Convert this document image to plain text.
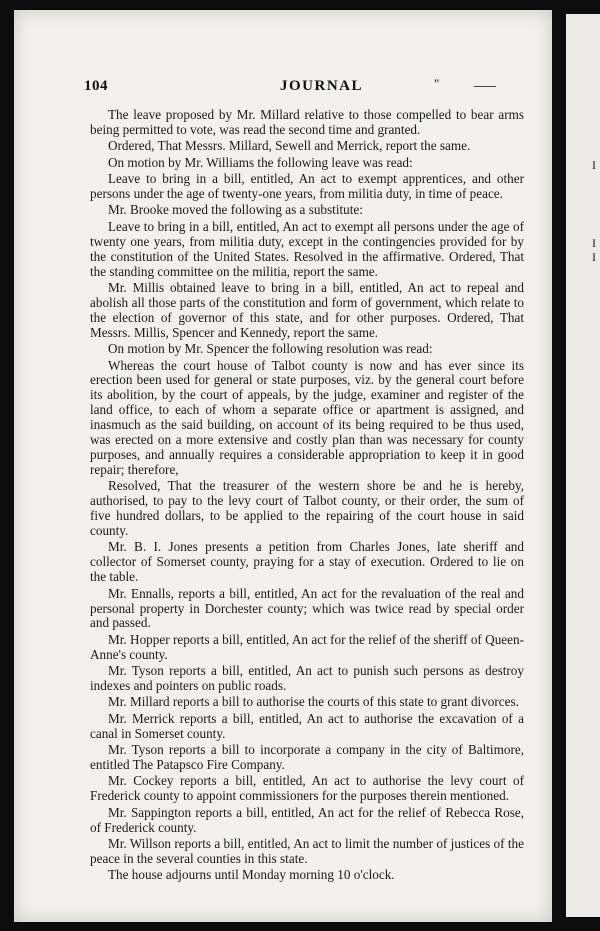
104	JOURNAL	"

The leave proposed by Mr. Millard relative to those compelled to bear arms being permitted to vote, was read the second time and granted.

Ordered, That Messrs. Millard, Sewell and Merrick, report the same.

On motion by Mr. Williams the following leave was read:

Leave to bring in a bill, entitled, An act to exempt apprentices, and other persons under the age of twenty-one years, from militia duty, in time of peace.

Mr. Brooke moved the following as a substitute:

Leave to bring in a bill, entitled, An act to exempt all persons under the age of twenty one years, from militia duty, except in the contingencies provided for by the constitution of the United States. Resolved in the affirmative. Ordered, That the standing committee on the militia, report the same.

Mr. Millis obtained leave to bring in a bill, entitled, An act to repeal and abolish all those parts of the constitution and form of government, which relate to the election of governor of this state, and for other purposes. Ordered, That Messrs. Millis, Spencer and Kennedy, report the same.

On motion by Mr. Spencer the following resolution was read:

Whereas the court house of Talbot county is now and has ever since its erection been used for general or state purposes, viz. by the general court before its abolition, by the court of appeals, by the judge, examiner and register of the land office, to each of whom a separate office or apartment is assigned, and inasmuch as the said building, on account of its being required to be thus used, was erected on a more extensive and costly plan than was necessary for county purposes, and annually requires a considerable appropriation to keep it in good repair; therefore,

Resolved, That the treasurer of the western shore be and he is hereby, authorised, to pay to the levy court of Talbot county, or their order, the sum of five hundred dollars, to be applied to the repairing of the court house in said county.

Mr. B. I. Jones presents a petition from Charles Jones, late sheriff and collector of Somerset county, praying for a stay of execution. Ordered to lie on the table.

Mr. Ennalls, reports a bill, entitled, An act for the revaluation of the real and personal property in Dorchester county; which was twice read by special order and passed.

Mr. Hopper reports a bill, entitled, An act for the relief of the sheriff of Queen-Anne's county.

Mr. Tyson reports a bill, entitled, An act to punish such persons as destroy indexes and pointers on public roads.

Mr. Millard reports a bill to authorise the courts of this state to grant divorces.

Mr. Merrick reports a bill, entitled, An act to authorise the excavation of a canal in Somerset county.

Mr. Tyson reports a bill to incorporate a company in the city of Baltimore, entitled The Patapsco Fire Company.

Mr. Cockey reports a bill, entitled, An act to authorise the levy court of Frederick county to appoint commissioners for the purposes therein mentioned.

Mr. Sappington reports a bill, entitled, An act for the relief of Rebecca Rose, of Frederick county.

Mr. Willson reports a bill, entitled, An act to limit the number of justices of the peace in the several counties in this state.

The house adjourns until Monday morning 10 o'clock.

I
I
I
